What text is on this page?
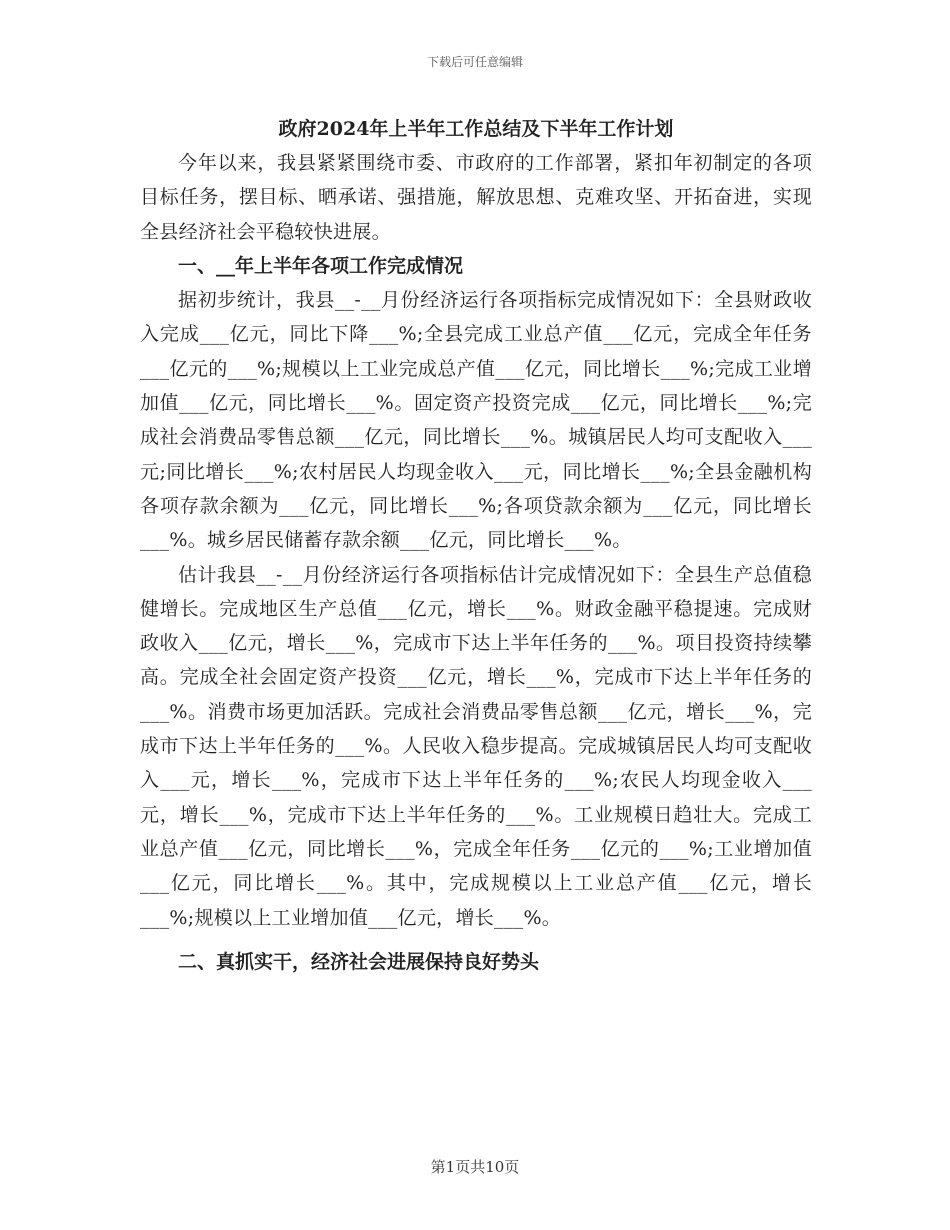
下载后可任意编辑
政府2024年上半年工作总结及下半年工作计划

今年以来，我县紧紧围绕市委、市政府的工作部署，紧扣年初制定的各项目标任务，摆目标、晒承诺、强措施，解放思想、克难攻坚、开拓奋进，实现全县经济社会平稳较快进展。

一、__年上半年各项工作完成情况

据初步统计，我县__-__月份经济运行各项指标完成情况如下：全县财政收入完成___亿元，同比下降___%;全县完成工业总产值___亿元，完成全年任务___亿元的___%;规模以上工业完成总产值___亿元，同比增长___%;完成工业增加值___亿元，同比增长___%。固定资产投资完成___亿元，同比增长___%;完成社会消费品零售总额___亿元，同比增长___%。城镇居民人均可支配收入___元;同比增长___%;农村居民人均现金收入___元，同比增长___%;全县金融机构各项存款余额为___亿元，同比增长___%;各项贷款余额为___亿元，同比增长___%。城乡居民储蓄存款余额___亿元，同比增长___%。

估计我县__-__月份经济运行各项指标估计完成情况如下：全县生产总值稳健增长。完成地区生产总值___亿元，增长___%。财政金融平稳提速。完成财政收入___亿元，增长___%，完成市下达上半年任务的___%。项目投资持续攀高。完成全社会固定资产投资___亿元，增长___%，完成市下达上半年任务的___%。消费市场更加活跃。完成社会消费品零售总额___亿元，增长___%，完成市下达上半年任务的___%。人民收入稳步提高。完成城镇居民人均可支配收入___元，增长___%，完成市下达上半年任务的___%;农民人均现金收入___元，增长___%，完成市下达上半年任务的___%。工业规模日趋壮大。完成工业总产值___亿元，同比增长___%，完成全年任务___亿元的___%;工业增加值___亿元，同比增长___%。其中，完成规模以上工业总产值___亿元，增长___%;规模以上工业增加值___亿元，增长___%。

二、真抓实干，经济社会进展保持良好势头
第1页共10页
